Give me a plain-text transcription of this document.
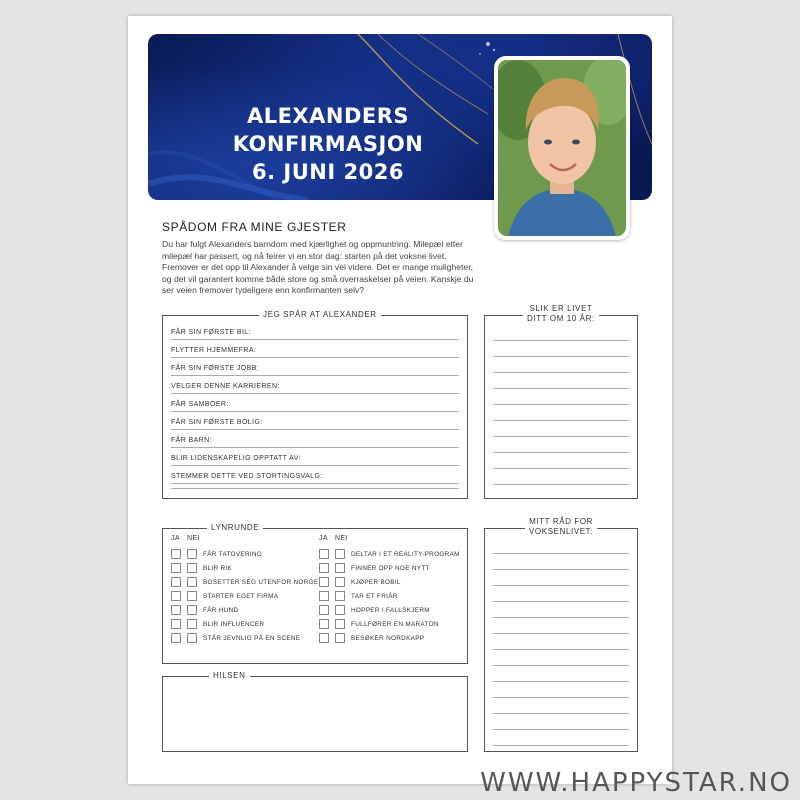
ALEXANDERS
KONFIRMASJON
6. JUNI 2026
SPÅDOM FRA MINE GJESTER
Du har fulgt Alexanders barndom med kjærlighet og oppmuntring. Milepæl etter milepæl har passert, og nå feirer vi en stor dag: starten på det voksne livet. Fremover er det opp til Alexander å velge sin vei videre. Det er mange muligheter, og det vil garantert komme både store og små overraskelser på veien. Kanskje du ser veien fremover tydeligere enn konfirmanten selv?
JEG SPÅR AT ALEXANDER
FÅR SIN FØRSTE BIL:
FLYTTER HJEMMEFRA:
FÅR SIN FØRSTE JOBB:
VELGER DENNE KARRIEREN:
FÅR SAMBOER:
FÅR SIN FØRSTE BOLIG:
FÅR BARN:
BLIR LIDENSKAPELIG OPPTATT AV:
STEMMER DETTE VED STORTINGSVALG:
SLIK ER LIVET
DITT OM 10 ÅR:
LYNRUNDE
JA NEI	JA NEI
FÅR TATOVERING
BLIR RIK
BOSETTER SEG UTENFOR NORGE
STARTER EGET FIRMA
FÅR HUND
BLIR INFLUENCER
STÅR JEVNLIG PÅ EN SCENE
DELTAR I ET REALITY-PROGRAM
FINNER OPP NOE NYTT
KJØPER BOBIL
TAR ET FRIÅR
HOPPER I FALLSKJERM
FULLFØRER EN MARATON
BESØKER NORDKAPP
MITT RÅD FOR
VOKSENLIVET:
HILSEN
WWW.HAPPYSTAR.NO
